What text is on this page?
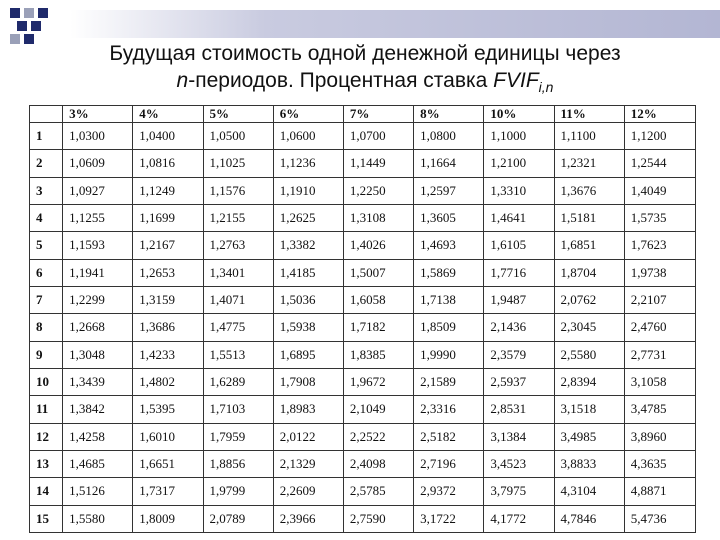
Будущая стоимость одной денежной единицы через
n-периодов. Процентная ставка $FVIF_{i,n}$
	3%	4%	5%	6%	7%	8%	10%	11%	12%
1	1,0300	1,0400	1,0500	1,0600	1,0700	1,0800	1,1000	1,1100	1,1200
2	1,0609	1,0816	1,1025	1,1236	1,1449	1,1664	1,2100	1,2321	1,2544
3	1,0927	1,1249	1,1576	1,1910	1,2250	1,2597	1,3310	1,3676	1,4049
4	1,1255	1,1699	1,2155	1,2625	1,3108	1,3605	1,4641	1,5181	1,5735
5	1,1593	1,2167	1,2763	1,3382	1,4026	1,4693	1,6105	1,6851	1,7623
6	1,1941	1,2653	1,3401	1,4185	1,5007	1,5869	1,7716	1,8704	1,9738
7	1,2299	1,3159	1,4071	1,5036	1,6058	1,7138	1,9487	2,0762	2,2107
8	1,2668	1,3686	1,4775	1,5938	1,7182	1,8509	2,1436	2,3045	2,4760
9	1,3048	1,4233	1,5513	1,6895	1,8385	1,9990	2,3579	2,5580	2,7731
10	1,3439	1,4802	1,6289	1,7908	1,9672	2,1589	2,5937	2,8394	3,1058
11	1,3842	1,5395	1,7103	1,8983	2,1049	2,3316	2,8531	3,1518	3,4785
12	1,4258	1,6010	1,7959	2,0122	2,2522	2,5182	3,1384	3,4985	3,8960
13	1,4685	1,6651	1,8856	2,1329	2,4098	2,7196	3,4523	3,8833	4,3635
14	1,5126	1,7317	1,9799	2,2609	2,5785	2,9372	3,7975	4,3104	4,8871
15	1,5580	1,8009	2,0789	2,3966	2,7590	3,1722	4,1772	4,7846	5,4736
